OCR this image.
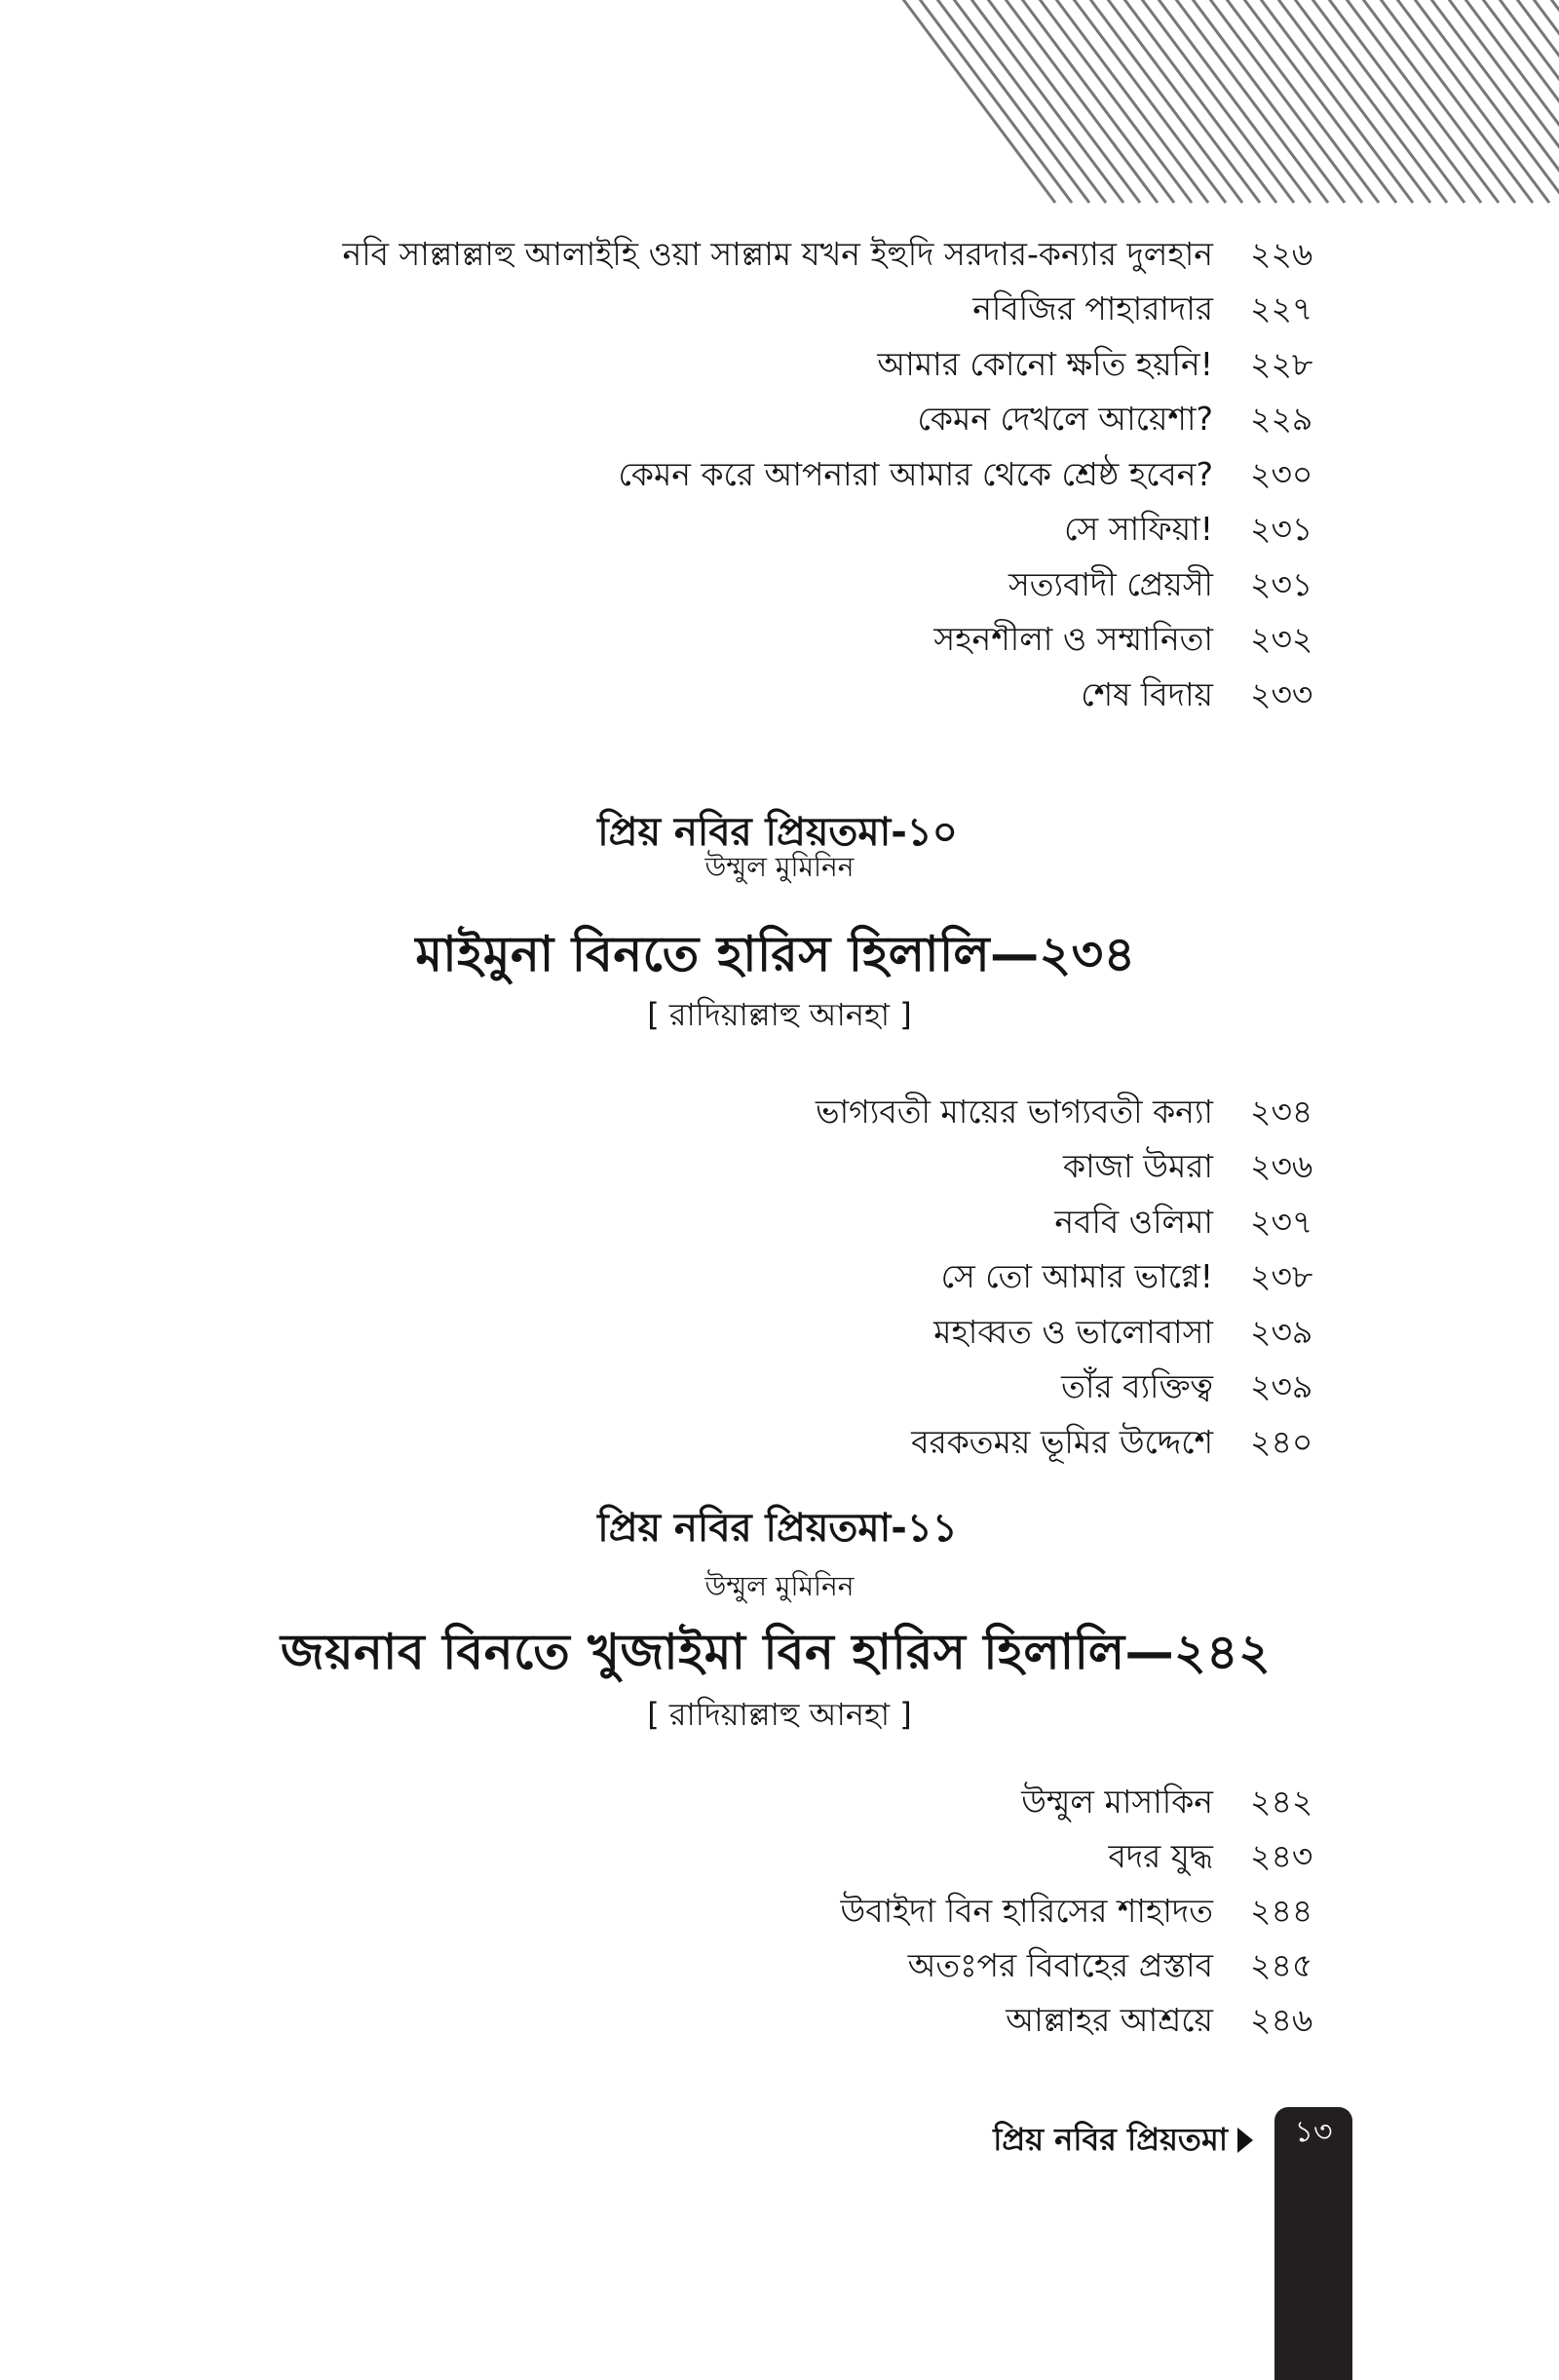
নবি সাল্লাল্লাহু আলাইহি ওয়া সাল্লাম যখন ইহুদি সরদার-কন্যার দুলহান ২২৬
নবিজির পাহারাদার ২২৭
আমার কোনো ক্ষতি হয়নি! ২২৮
কেমন দেখলে আয়েশা? ২২৯
কেমন করে আপনারা আমার থেকে শ্রেষ্ঠ হবেন? ২৩০
সে সাফিয়া! ২৩১
সত্যবাদী প্রেয়সী ২৩১
সহনশীলা ও সম্মানিতা ২৩২
শেষ বিদায় ২৩৩
প্রিয় নবির প্রিয়তমা-১০
উম্মুল মুমিনিন
মাইমুনা বিনতে হারিস হিলালি—২৩৪
[ রাদিয়াল্লাহু আনহা ]
ভাগ্যবতী মায়ের ভাগ্যবতী কন্যা ২৩৪
কাজা উমরা ২৩৬
নববি ওলিমা ২৩৭
সে তো আমার ভাগ্নে! ২৩৮
মহাব্বত ও ভালোবাসা ২৩৯
তাঁর ব্যক্তিত্ব ২৩৯
বরকতময় ভূমির উদ্দেশে ২৪০
প্রিয় নবির প্রিয়তমা-১১
উম্মুল মুমিনিন
জয়নাব বিনতে খুজাইমা বিন হারিস হিলালি—২৪২
[ রাদিয়াল্লাহু আনহা ]
উম্মুল মাসাকিন ২৪২
বদর যুদ্ধ ২৪৩
উবাইদা বিন হারিসের শাহাদত ২৪৪
অতঃপর বিবাহের প্রস্তাব ২৪৫
আল্লাহর আশ্রয়ে ২৪৬
প্রিয় নবির প্রিয়তমা	১৩
